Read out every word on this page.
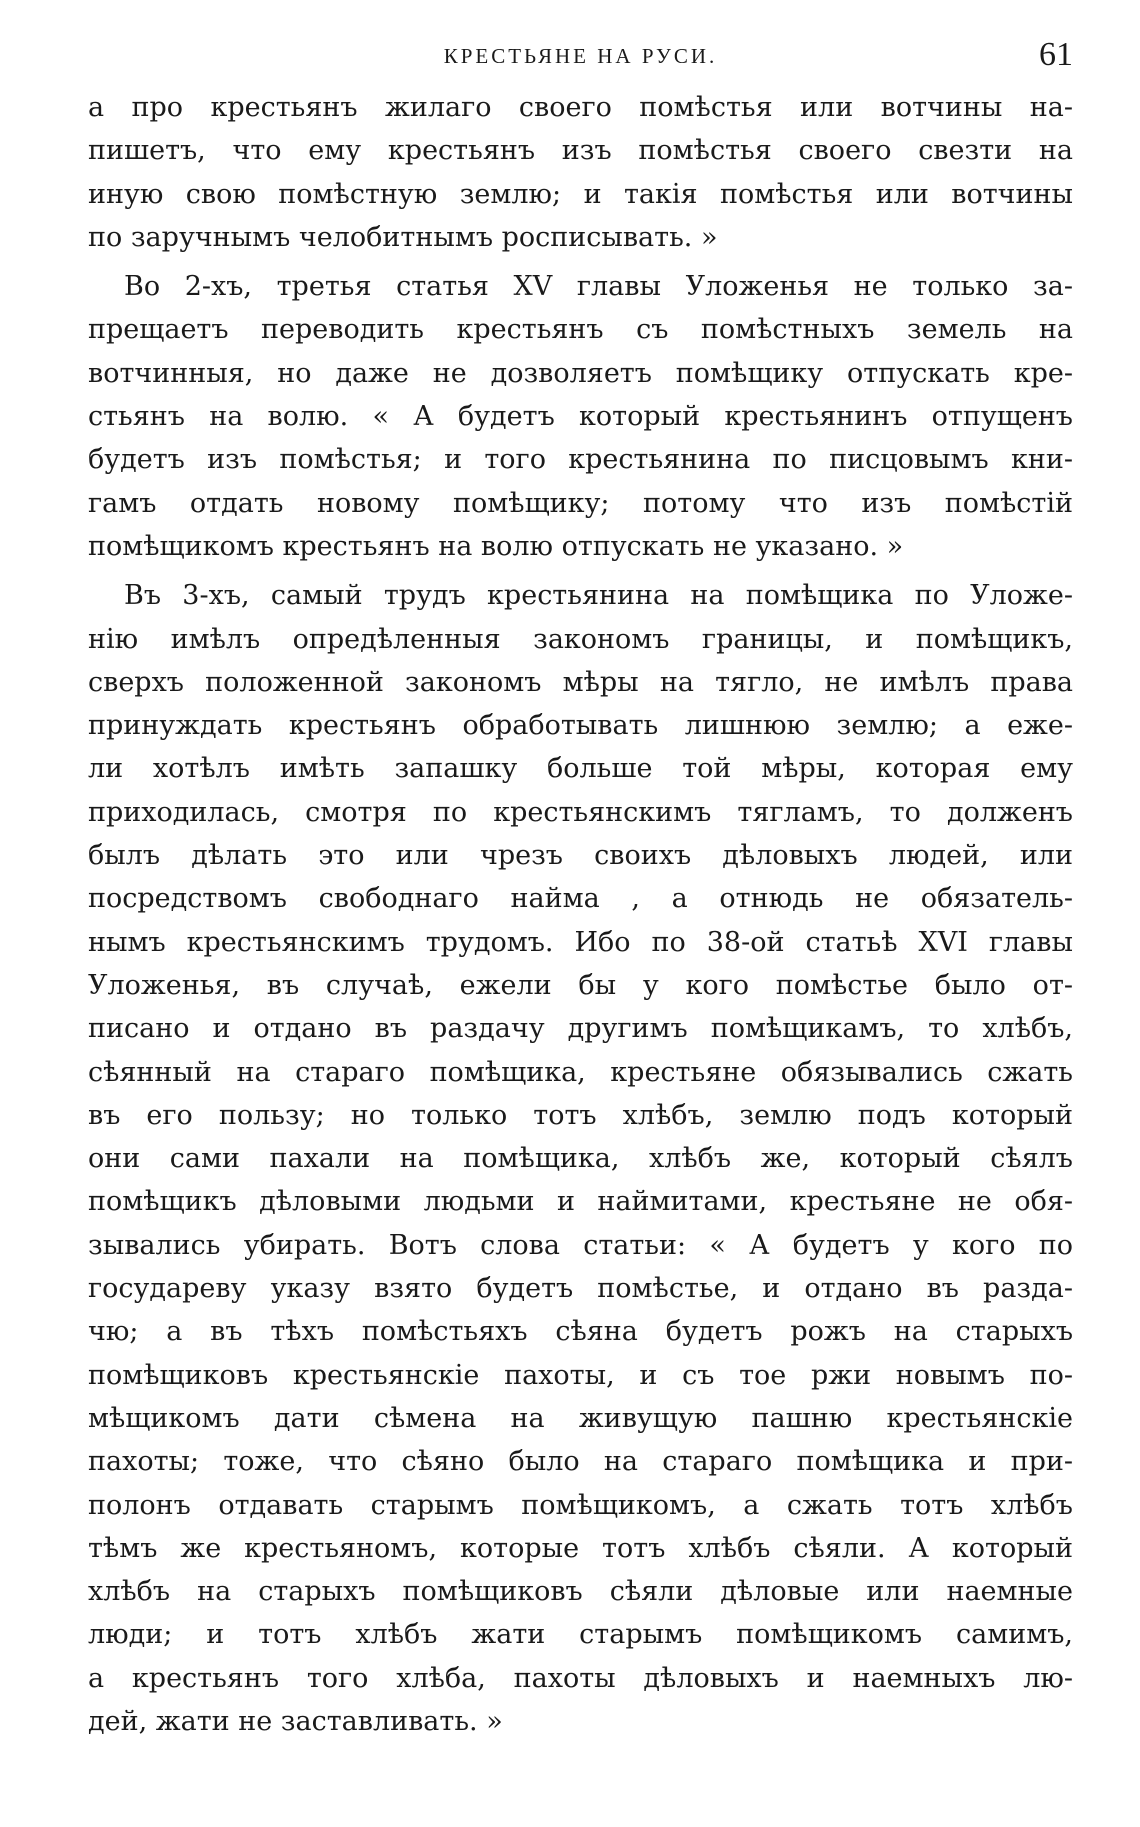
КРЕСТЬЯНЕ НА РУСИ.	61
а про крестьянъ жилаго своего помѣстья или вотчины на-
пишетъ, что ему крестьянъ изъ помѣстья своего свезти на
иную свою помѣстную землю; и такія помѣстья или вотчины
по заручнымъ челобитнымъ росписывать. »
Во 2-хъ, третья статья XV главы Уложенья не только за-
прещаетъ переводить крестьянъ съ помѣстныхъ земель на
вотчинныя, но даже не дозволяетъ помѣщику отпускать кре-
стьянъ на волю. « А будетъ который крестьянинъ отпущенъ
будетъ изъ помѣстья; и того крестьянина по писцовымъ кни-
гамъ отдать новому помѣщику; потому что изъ помѣстій
помѣщикомъ крестьянъ на волю отпускать не указано. »
Въ 3-хъ, самый трудъ крестьянина на помѣщика по Уложе-
нію имѣлъ опредѣленныя закономъ границы, и помѣщикъ,
сверхъ положенной закономъ мѣры на тягло, не имѣлъ права
принуждать крестьянъ обработывать лишнюю землю; а еже-
ли хотѣлъ имѣть запашку больше той мѣры, которая ему
приходилась, смотря по крестьянскимъ тягламъ, то долженъ
былъ дѣлать это или чрезъ своихъ дѣловыхъ людей, или
посредствомъ свободнаго найма , а отнюдь не обязатель-
нымъ крестьянскимъ трудомъ. Ибо по 38-ой статьѣ XVI главы
Уложенья, въ случаѣ, ежели бы у кого помѣстье было от-
писано и отдано въ раздачу другимъ помѣщикамъ, то хлѣбъ,
сѣянный на стараго помѣщика, крестьяне обязывались сжать
въ его пользу; но только тотъ хлѣбъ, землю подъ который
они сами пахали на помѣщика, хлѣбъ же, который сѣялъ
помѣщикъ дѣловыми людьми и наймитами, крестьяне не обя-
зывались убирать. Вотъ слова статьи: « А будетъ у кого по
государеву указу взято будетъ помѣстье, и отдано въ разда-
чю; а въ тѣхъ помѣстьяхъ сѣяна будетъ рожъ на старыхъ
помѣщиковъ крестьянскіе пахоты, и съ тое ржи новымъ по-
мѣщикомъ дати сѣмена на живущую пашню крестьянскіе
пахоты; тоже, что сѣяно было на стараго помѣщика и при-
полонъ отдавать старымъ помѣщикомъ, а сжать тотъ хлѣбъ
тѣмъ же крестьяномъ, которые тотъ хлѣбъ сѣяли. А который
хлѣбъ на старыхъ помѣщиковъ сѣяли дѣловые или наемные
люди; и тотъ хлѣбъ жати старымъ помѣщикомъ самимъ,
а крестьянъ того хлѣба, пахоты дѣловыхъ и наемныхъ лю-
дей, жати не заставливать. »
